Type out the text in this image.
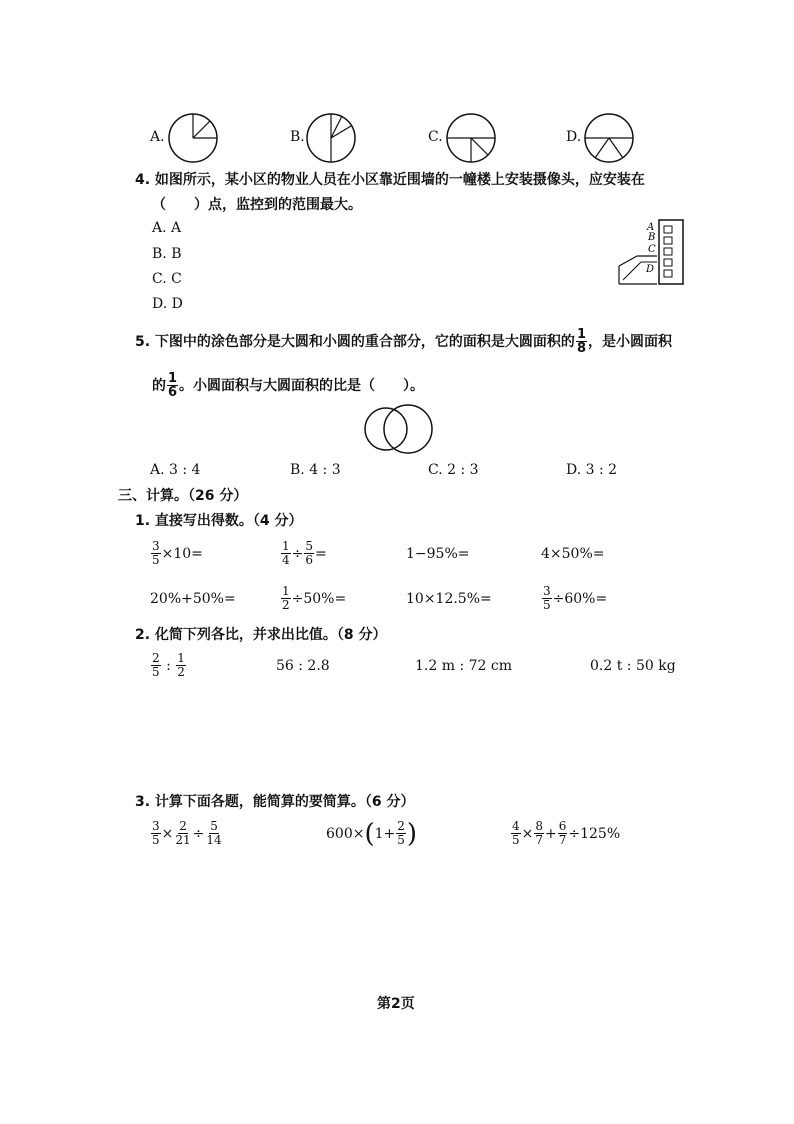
A.	B.	C.	D.
4. 如图所示，某小区的物业人员在小区靠近围墙的一幢楼上安装摄像头，应安装在
（　　）点，监控到的范围最大。
A. A
B. B
C. C
D. D
A
B
C
D
5. 下图中的涂色部分是大圆和小圆的重合部分，它的面积是大圆面积的 $\frac{1}{8}$ ，是小圆面积
的 $\frac{1}{6}$ 。小圆面积与大圆面积的比是（　　）。
A. 3 : 4	B. 4 : 3	C. 2 : 3	D. 3 : 2
三、计算。（26 分）
1. 直接写出得数。（4 分）
$\frac{3}{5} \times 10=$	$\frac{1}{4} \div \frac{5}{6}$ =	1−95%=	4×50%=
20%+50%=	$\frac{1}{2} \div 50\%=$	10×12.5%=	$\frac{3}{5} \div 60\%=$
2. 化简下列各比，并求出比值。（8 分）
$\frac{2}{5}$ : $\frac{1}{2}$	56 : 2.8	1.2 m : 72 cm	0.2 t : 50 kg
3. 计算下面各题，能简算的要简算。（6 分）
$\frac{3}{5} \times \frac{2}{21} \div \frac{5}{14}$	600× ( $1+ \frac{2}{5}$ )	$\frac{4}{5} \times \frac{8}{7} + \frac{6}{7} \div 125\%$
第2页
